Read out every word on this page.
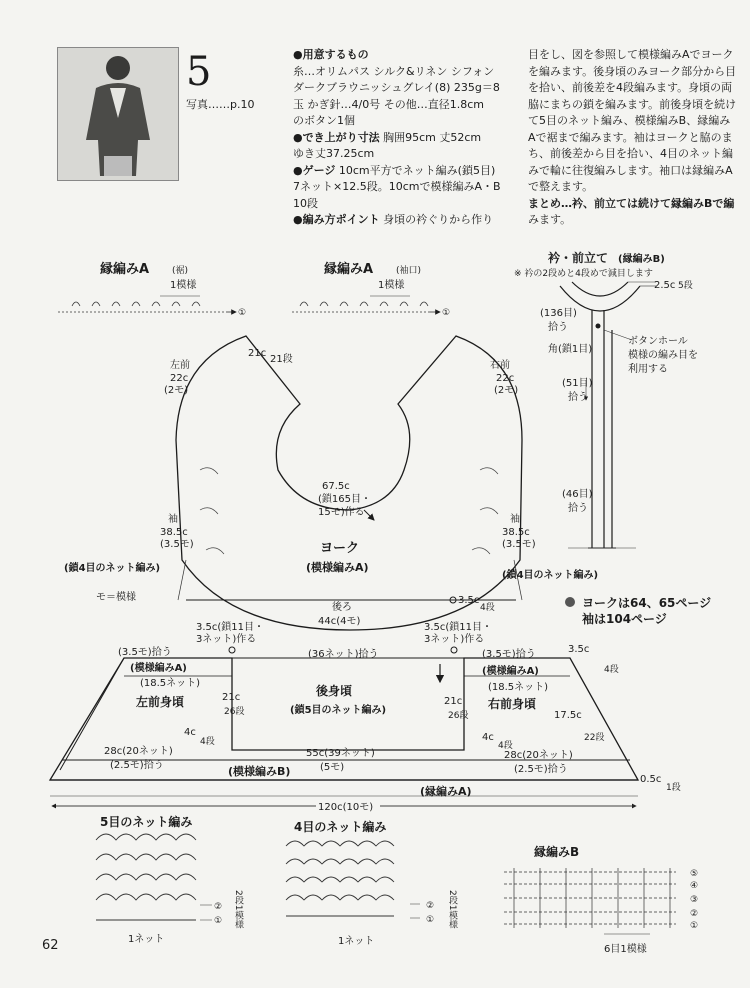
5
写真……p.10
●用意するもの
糸…オリムパス シルク&リネン シフォン
ダークブラウニッシュグレイ(8) 235g＝8
玉 かぎ針…4/0号 その他…直径1.8cm
のボタン1個
●でき上がり寸法 胸囲95cm 丈52cm
ゆき丈37.25cm
●ゲージ 10cm平方でネット編み(鎖5目)
7ネット×12.5段。10cmで模様編みA・B
10段
●編み方ポイント 身頃の衿ぐりから作り
目をし、図を参照して模様編みAでヨーク
を編みます。後身頃のみヨーク部分から目
を拾い、前後差を4段編みます。身頃の両
脇にまちの鎖を編みます。前後身頃を続け
て5目のネット編み、模様編みB、縁編み
Aで裾まで編みます。袖はヨークと脇のま
ち、前後差から目を拾い、4目のネット編
みで輪に往復編みします。袖口は縁編みA
で整えます。
まとめ…衿、前立ては続けて縁編みBで編
みます。
縁編みA	(裾)
1模様
①
縁編みA	(袖口)
1模様
①
衿・前立て (縁編みB)
※ 衿の2段めと4段めで減目します
2.5c 5段
(136目)
拾う
角(鎖1目)
ボタンホール
模様の編み目を
利用する
(51目)
拾う
(46目)
拾う
21c
21段
左前
22c
(2モ)
右前
22c
(2モ)
67.5c
(鎖165目・
15モ)作る
袖
38.5c
(3.5モ)
袖
38.5c
(3.5モ)
ヨーク
(模様編みA)
(鎖4目のネット編み)
(鎖4目のネット編み)
モ＝模様
後ろ
44c(4モ)
3.5c
4段	ヨークは64、65ページ
袖は104ページ
3.5c(鎖11目・
3ネット)作る
3.5c(鎖11目・
3ネット)作る
(3.5モ)拾う	(36ネット)拾う	(3.5モ)拾う
(模様編みA)	(模様編みA)
(18.5ネット)	(18.5ネット)
3.5c
4段
左前身頃
後身頃
(鎖5目のネット編み)	右前身頃
21c
26段
21c
26段	17.5c
22段
4c
4段	4c
4段
28c(20ネット)	55c(39ネット)	28c(20ネット)
(2.5モ)拾う	(5モ)	(2.5モ)拾う
(模様編みB)
(縁編みA)
0.5c
1段
120c(10モ)
5目のネット編み
②
① 2段1模様
1ネット
4目のネット編み
②
① 2段1模様
1ネット
縁編みB
⑤
④
③
②
①
6目1模様
62
